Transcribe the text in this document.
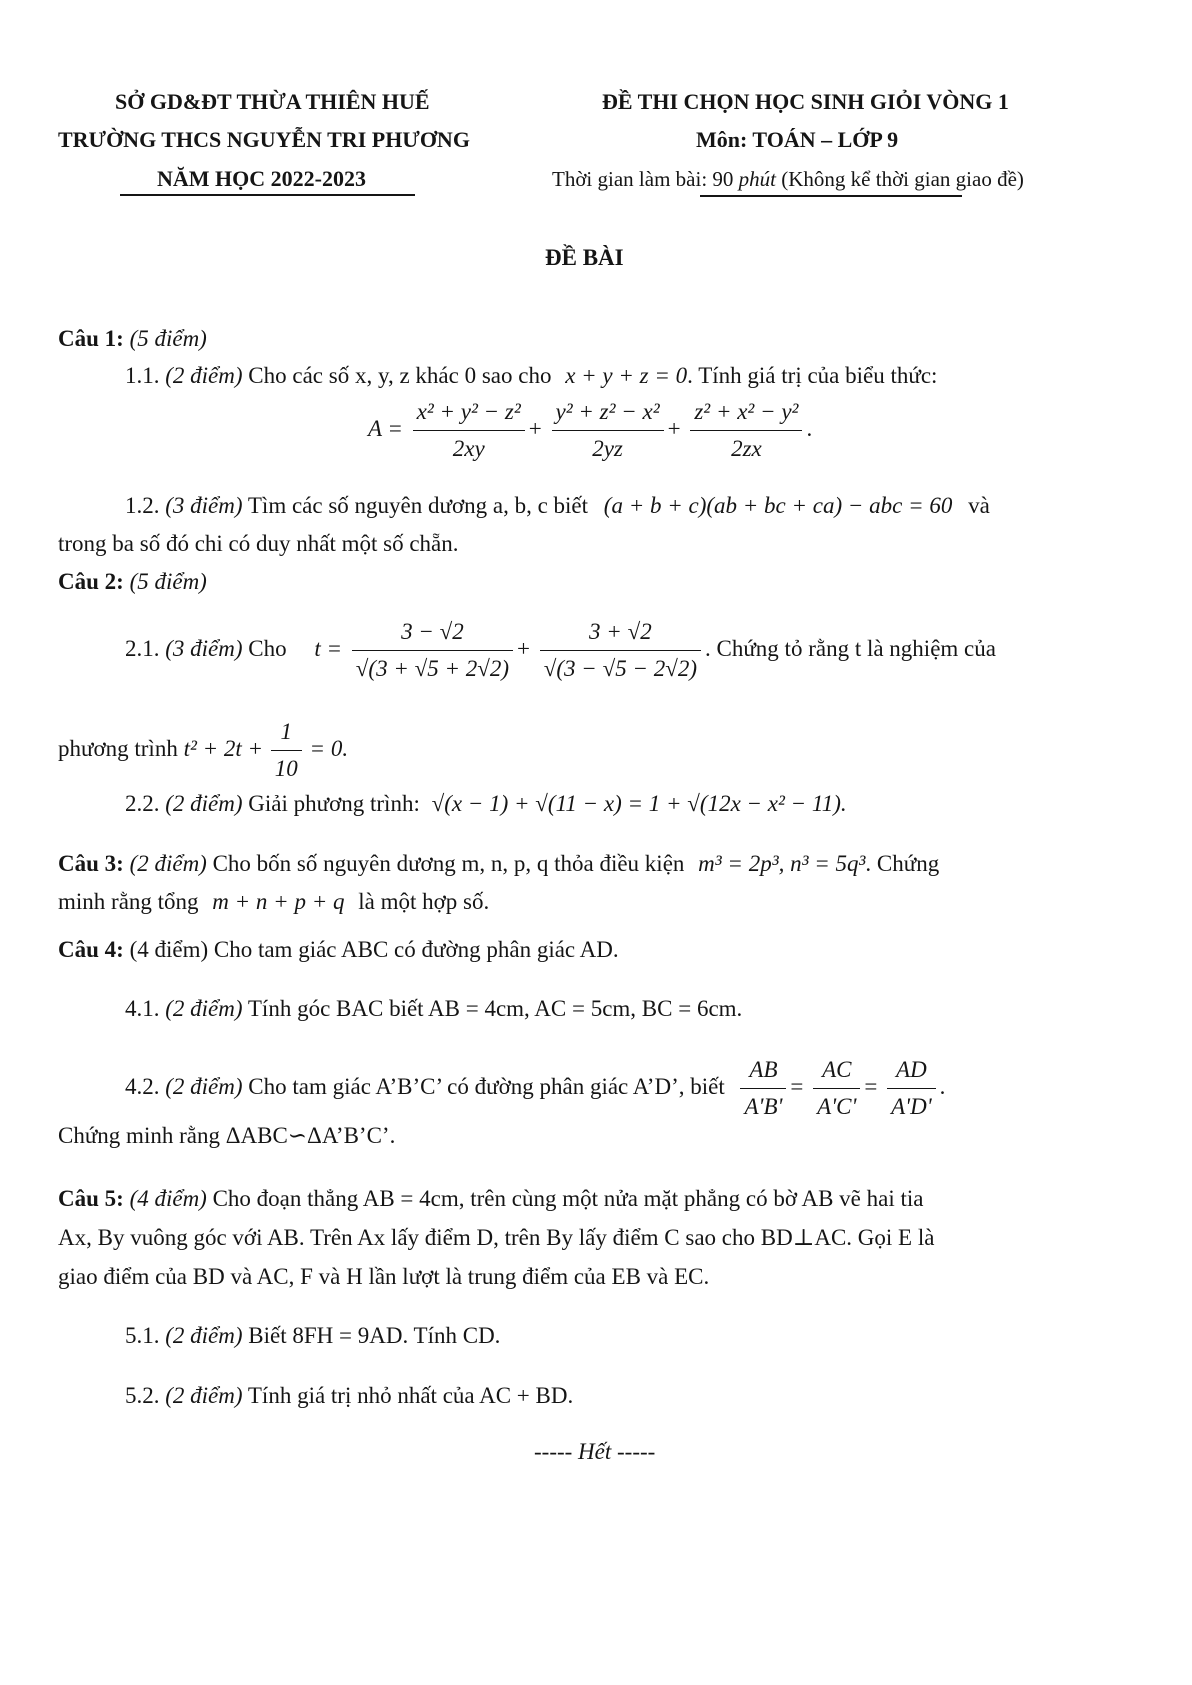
SỞ GD&ĐT THỪA THIÊN HUẾ
TRƯỜNG THCS NGUYỄN TRI PHƯƠNG
NĂM HỌC 2022-2023
ĐỀ THI CHỌN HỌC SINH GIỎI VÒNG 1
Môn: TOÁN – LỚP 9
Thời gian làm bài: 90 phút (Không kể thời gian giao đề)
ĐỀ BÀI
Câu 1: (5 điểm)
1.1. (2 điểm) Cho các số x, y, z khác 0 sao cho x + y + z = 0. Tính giá trị của biểu thức:
$A = \frac{\text{x² + y² − z²}}{2xy} + \frac{\text{y² + z² − x²}}{2yz} + \frac{\text{z² + x² − y²}}{2zx}$ .
1.2. (3 điểm) Tìm các số nguyên dương a, b, c biết (a + b + c)(ab + bc + ca) − abc = 60 và
trong ba số đó chi có duy nhất một số chẵn.
Câu 2: (5 điểm)
2.1. (3 điểm) Cho $t = \frac{3 - √2}{√(3 + √5 + 2√2)} + \frac{3 + √2}{√(3 - √5 - 2√2)}$ . Chứng tỏ rằng t là nghiệm của
phương trình $t^2 + 2t + \frac{1}{10} = 0$.
2.2. (2 điểm) Giải phương trình: √(x − 1) + √(11 − x) = 1 + √(12x − x² − 11).
Câu 3: (2 điểm) Cho bốn số nguyên dương m, n, p, q thỏa điều kiện m³ = 2p³, n³ = 5q³. Chứng
minh rằng tổng m + n + p + q là một hợp số.
Câu 4: (4 điểm) Cho tam giác ABC có đường phân giác AD.
4.1. (2 điểm) Tính góc BAC biết AB = 4cm, AC = 5cm, BC = 6cm.
4.2. (2 điểm) Cho tam giác A’B’C’ có đường phân giác A’D’, biết $\frac{AB}{A'B'} = \frac{AC}{A'C'} = \frac{AD}{A'D'}$ .
Chứng minh rằng ΔABC∽ΔA’B’C’.
Câu 5: (4 điểm) Cho đoạn thẳng AB = 4cm, trên cùng một nửa mặt phẳng có bờ AB vẽ hai tia
Ax, By vuông góc với AB. Trên Ax lấy điểm D, trên By lấy điểm C sao cho BD⊥AC. Gọi E là
giao điểm của BD và AC, F và H lần lượt là trung điểm của EB và EC.
5.1. (2 điểm) Biết 8FH = 9AD. Tính CD.
5.2. (2 điểm) Tính giá trị nhỏ nhất của AC + BD.
----- Hết -----
